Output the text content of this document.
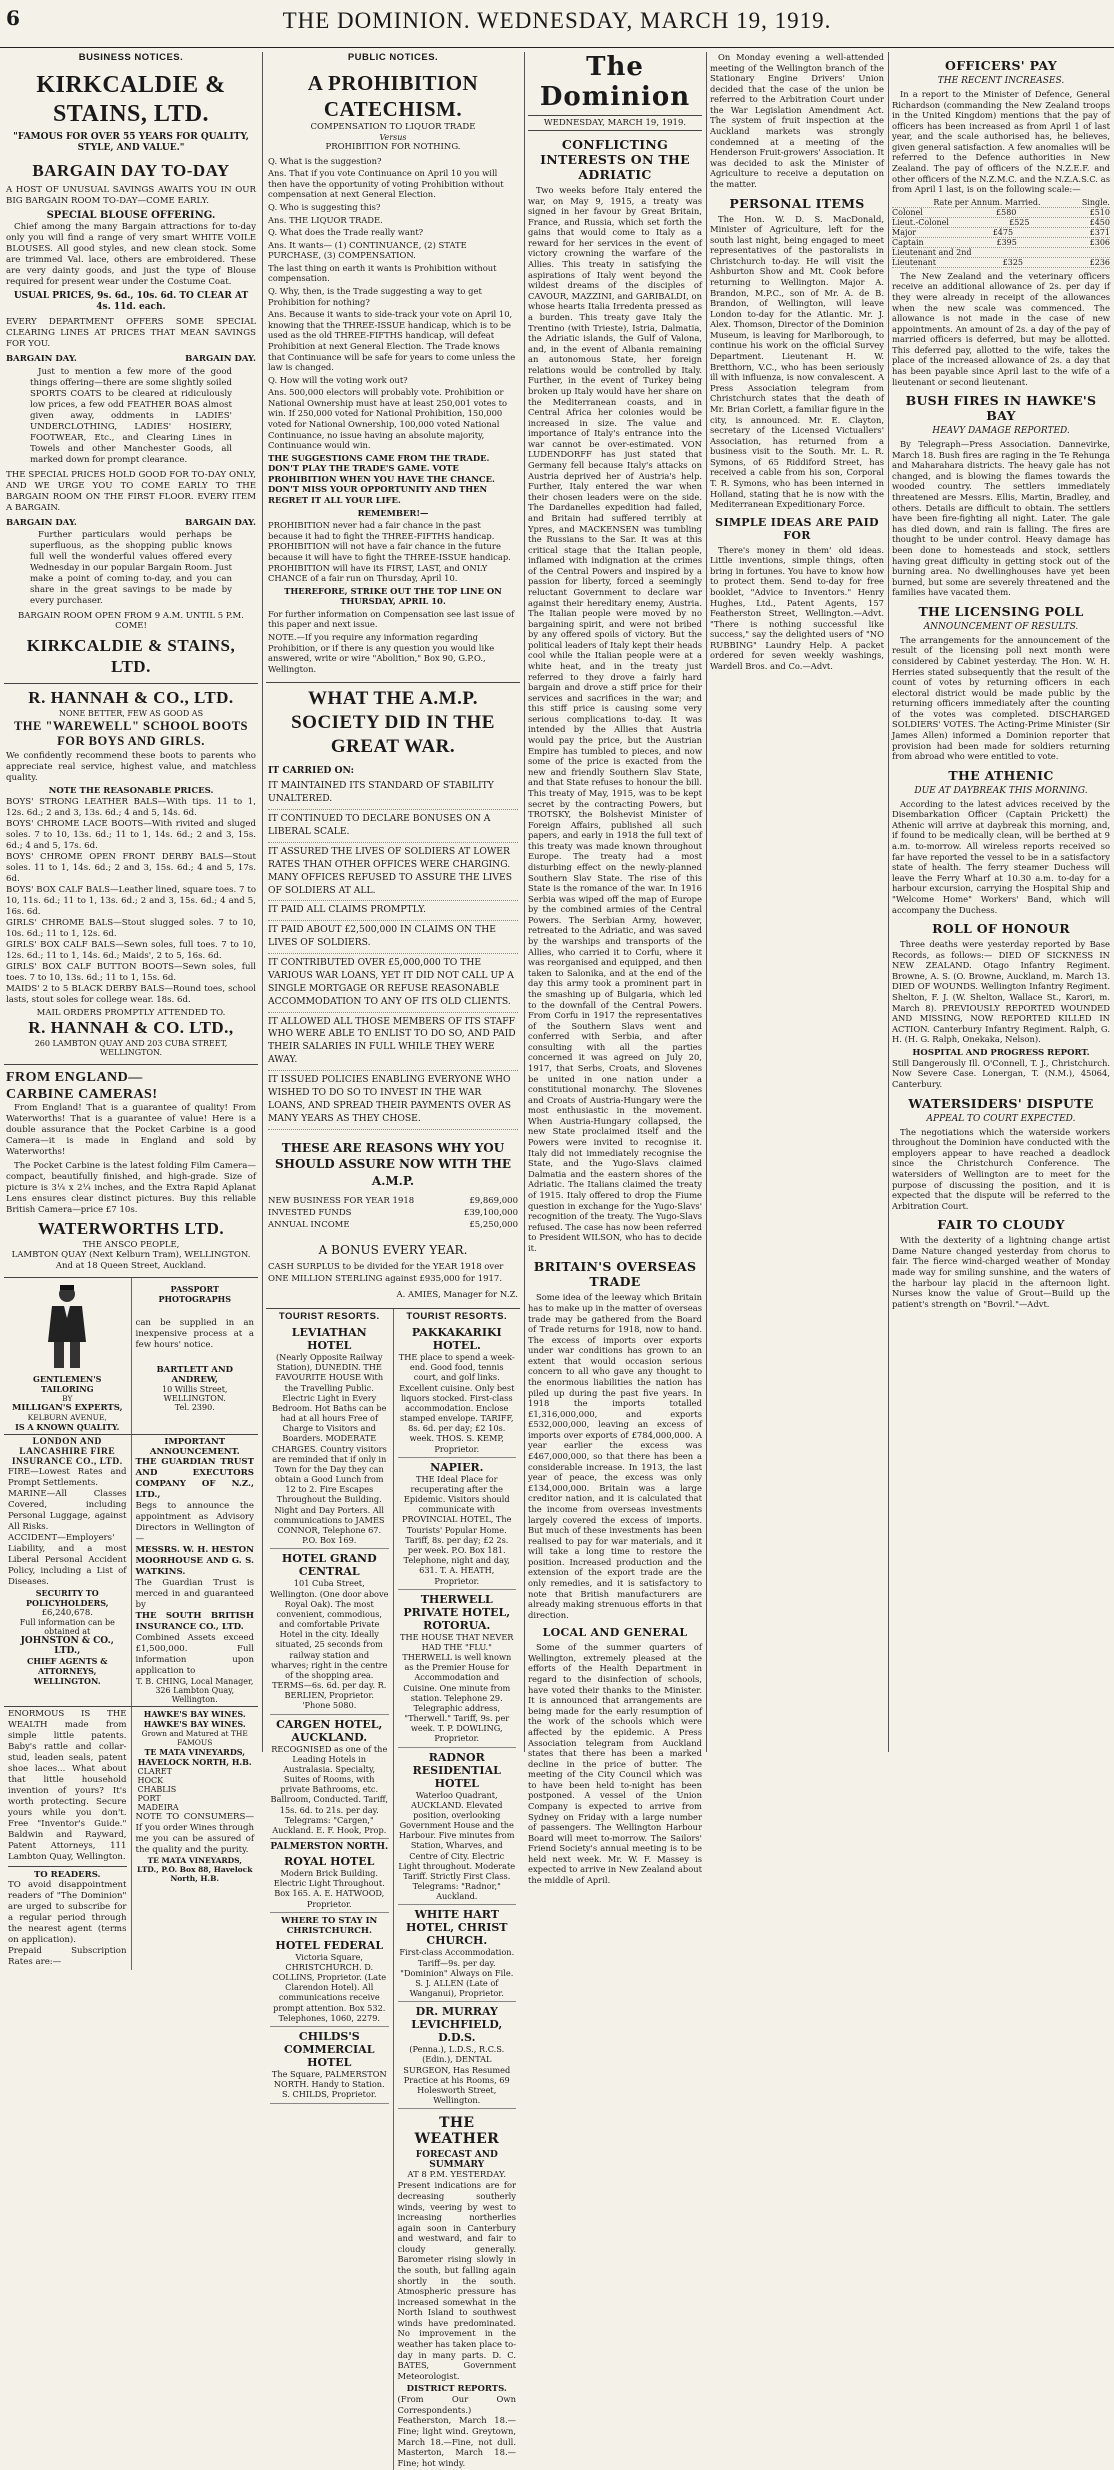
6	THE DOMINION. WEDNESDAY, MARCH 19, 1919.
BUSINESS NOTICES.
KIRKCALDIE & STAINS, LTD.
"FAMOUS FOR OVER 55 YEARS FOR QUALITY, STYLE, AND VALUE."
BARGAIN DAY TO-DAY
A HOST OF UNUSUAL SAVINGS AWAITS YOU IN OUR BIG BARGAIN ROOM TO-DAY—COME EARLY.
SPECIAL BLOUSE OFFERING.

Chief among the many Bargain attractions for to-day only you will find a range of very smart WHITE VOILE BLOUSES. All good styles, and new clean stock. Some are trimmed Val. lace, others are embroidered. These are very dainty goods, and just the type of Blouse required for present wear under the Costume Coat.

USUAL PRICES, 9s. 6d., 10s. 6d. TO CLEAR AT 4s. 11d. each.
EVERY DEPARTMENT OFFERS SOME SPECIAL CLEARING LINES AT PRICES THAT MEAN SAVINGS FOR YOU.
BARGAIN DAY.	BARGAIN DAY.

Just to mention a few more of the good things offering—there are some slightly soiled SPORTS COATS to be cleared at ridiculously low prices, a few odd FEATHER BOAS almost given away, oddments in LADIES' UNDERCLOTHING, LADIES' HOSIERY, FOOTWEAR, Etc., and Clearing Lines in Towels and other Manchester Goods, all marked down for prompt clearance.

THE SPECIAL PRICES HOLD GOOD FOR TO-DAY ONLY, AND WE URGE YOU TO COME EARLY TO THE BARGAIN ROOM ON THE FIRST FLOOR. EVERY ITEM A BARGAIN.
BARGAIN DAY.	BARGAIN DAY.

Further particulars would perhaps be superfluous, as the shopping public knows full well the wonderful values offered every Wednesday in our popular Bargain Room. Just make a point of coming to-day, and you can share in the great savings to be made by every purchaser.

BARGAIN ROOM OPEN FROM 9 A.M. UNTIL 5 P.M. COME!
KIRKCALDIE & STAINS, LTD.
R. HANNAH & CO., LTD.
NONE BETTER, FEW AS GOOD AS
THE "WAREWELL" SCHOOL BOOTS FOR BOYS AND GIRLS.
We confidently recommend these boots to parents who appreciate real service, highest value, and matchless quality.
NOTE THE REASONABLE PRICES.
BOYS' STRONG LEATHER BALS—With tips. 11 to 1, 12s. 6d.; 2 and 3, 13s. 6d.; 4 and 5, 14s. 6d.
BOYS' CHROME LACE BOOTS—With rivited and sluged soles. 7 to 10, 13s. 6d.; 11 to 1, 14s. 6d.; 2 and 3, 15s. 6d.; 4 and 5, 17s. 6d.
BOYS' CHROME OPEN FRONT DERBY BALS—Stout soles. 11 to 1, 14s. 6d.; 2 and 3, 15s. 6d.; 4 and 5, 17s. 6d.
BOYS' BOX CALF BALS—Leather lined, square toes. 7 to 10, 11s. 6d.; 11 to 1, 13s. 6d.; 2 and 3, 15s. 6d.; 4 and 5, 16s. 6d.
GIRLS' CHROME BALS—Stout slugged soles. 7 to 10, 10s. 6d.; 11 to 1, 12s. 6d.
GIRLS' BOX CALF BALS—Sewn soles, full toes. 7 to 10, 12s. 6d.; 11 to 1, 14s. 6d.; Maids', 2 to 5, 16s. 6d.
GIRLS' BOX CALF BUTTON BOOTS—Sewn soles, full toes. 7 to 10, 13s. 6d.; 11 to 1, 15s. 6d.
MAIDS' 2 to 5 BLACK DERBY BALS—Round toes, school lasts, stout soles for college wear. 18s. 6d.
MAIL ORDERS PROMPTLY ATTENDED TO.
R. HANNAH & CO. LTD.,
260 LAMBTON QUAY AND 203 CUBA STREET, WELLINGTON.
FROM ENGLAND—
CARBINE CAMERAS!

From England! That is a guarantee of quality! From Waterworths! That is a guarantee of value! Here is a double assurance that the Pocket Carbine is a good Camera—it is made in England and sold by Waterworths!

The Pocket Carbine is the latest folding Film Camera—compact, beautifully finished, and high-grade. Size of picture is 3¼ x 2¼ inches, and the Extra Rapid Aplanat Lens ensures clear distinct pictures. Buy this reliable British Camera—price £7 10s.

WATERWORTHS LTD.
THE ANSCO PEOPLE,
LAMBTON QUAY (Next Kelburn Tram), WELLINGTON.
And at 18 Queen Street, Auckland.
GENTLEMEN'S TAILORING
BY
MILLIGAN'S EXPERTS,
KELBURN AVENUE,
IS A KNOWN QUALITY.
PASSPORT PHOTOGRAPHS
can be supplied in an inexpensive process at a few hours' notice.
BARTLETT AND ANDREW,
10 Willis Street, WELLINGTON.
Tel. 2390.
LONDON AND LANCASHIRE FIRE INSURANCE CO., LTD.
FIRE—Lowest Rates and Prompt Settlements.
MARINE—All Classes Covered, including Personal Luggage, against All Risks.
ACCIDENT—Employers' Liability, and a most Liberal Personal Accident Policy, including a List of Diseases.
SECURITY TO POLICYHOLDERS,
£6,240,678.
Full information can be obtained at
JOHNSTON & CO., LTD.,
CHIEF AGENTS & ATTORNEYS, WELLINGTON.
IMPORTANT ANNOUNCEMENT.
THE GUARDIAN TRUST AND EXECUTORS COMPANY OF N.Z., LTD.,
Begs to announce the appointment as Advisory Directors in Wellington of—
MESSRS. W. H. HESTON MOORHOUSE AND G. S. WATKINS.
The Guardian Trust is merced in and guaranteed by
THE SOUTH BRITISH INSURANCE CO., LTD.
Combined Assets exceed £1,500,000. Full information upon application to
T. B. CHING, Local Manager,
326 Lambton Quay, Wellington.
ENORMOUS IS THE WEALTH made from simple little patents. Baby's rattle and collar-stud, leaden seals, patent shoe laces... What about that little household invention of yours? It's worth protecting. Secure yours while you don't. Free "Inventor's Guide." Baldwin and Rayward, Patent Attorneys, 111 Lambton Quay, Wellington.
TO READERS.
TO avoid disappointment readers of "The Dominion" are urged to subscribe for a regular period through the nearest agent (terms on application).
Prepaid Subscription Rates are:—
HAWKE'S BAY WINES. HAWKE'S BAY WINES.
Grown and Matured at THE FAMOUS
TE MATA VINEYARDS, HAVELOCK NORTH, H.B.
CLARET
HOCK
CHABLIS
PORT
MADEIRA
NOTE TO CONSUMERS—If you order Wines through me you can be assured of the quality and the purity.
TE MATA VINEYARDS, LTD., P.O. Box 88, Havelock North, H.B.
PUBLIC NOTICES.
A PROHIBITION CATECHISM.
COMPENSATION TO LIQUOR TRADE
Versus
PROHIBITION FOR NOTHING.

Q. What is the suggestion?

Ans. That if you vote Continuance on April 10 you will then have the opportunity of voting Prohibition without compensation at next General Election.

Q. Who is suggesting this?

Ans. THE LIQUOR TRADE.

Q. What does the Trade really want?

Ans. It wants— (1) CONTINUANCE, (2) STATE PURCHASE, (3) COMPENSATION.

The last thing on earth it wants is Prohibition without compensation.

Q. Why, then, is the Trade suggesting a way to get Prohibition for nothing?

Ans. Because it wants to side-track your vote on April 10, knowing that the THREE-ISSUE handicap, which is to be used as the old THREE-FIFTHS handicap, will defeat Prohibition at next General Election. The Trade knows that Continuance will be safe for years to come unless the law is changed.

Q. How will the voting work out?

Ans. 500,000 electors will probably vote. Prohibition or National Ownership must have at least 250,001 votes to win. If 250,000 voted for National Prohibition, 150,000 voted for National Ownership, 100,000 voted National Continuance, no issue having an absolute majority, Continuance would win.

THE SUGGESTIONS CAME FROM THE TRADE. DON'T PLAY THE TRADE'S GAME. VOTE PROHIBITION WHEN YOU HAVE THE CHANCE. DON'T MISS YOUR OPPORTUNITY AND THEN REGRET IT ALL YOUR LIFE.

REMEMBER!—

PROHIBITION never had a fair chance in the past because it had to fight the THREE-FIFTHS handicap. PROHIBITION will not have a fair chance in the future because it will have to fight the THREE-ISSUE handicap. PROHIBITION will have its FIRST, LAST, and ONLY CHANCE of a fair run on Thursday, April 10.

THEREFORE, STRIKE OUT THE TOP LINE ON THURSDAY, APRIL 10.

For further information on Compensation see last issue of this paper and next issue.

NOTE.—If you require any information regarding Prohibition, or if there is any question you would like answered, write or wire "Abolition," Box 90, G.P.O., Wellington.

WHAT THE A.M.P. SOCIETY DID IN THE GREAT WAR.
IT CARRIED ON:
IT MAINTAINED ITS STANDARD OF STABILITY UNALTERED.
IT CONTINUED TO DECLARE BONUSES ON A LIBERAL SCALE.
IT ASSURED THE LIVES OF SOLDIERS AT LOWER RATES THAN OTHER OFFICES WERE CHARGING. MANY OFFICES REFUSED TO ASSURE THE LIVES OF SOLDIERS AT ALL.
IT PAID ALL CLAIMS PROMPTLY.
IT PAID ABOUT £2,500,000 IN CLAIMS ON THE LIVES OF SOLDIERS.
IT CONTRIBUTED OVER £5,000,000 TO THE VARIOUS WAR LOANS, YET IT DID NOT CALL UP A SINGLE MORTGAGE OR REFUSE REASONABLE ACCOMMODATION TO ANY OF ITS OLD CLIENTS.
IT ALLOWED ALL THOSE MEMBERS OF ITS STAFF WHO WERE ABLE TO ENLIST TO DO SO, AND PAID THEIR SALARIES IN FULL WHILE THEY WERE AWAY.
IT ISSUED POLICIES ENABLING EVERYONE WHO WISHED TO DO SO TO INVEST IN THE WAR LOANS, AND SPREAD THEIR PAYMENTS OVER AS MANY YEARS AS THEY CHOSE.
THESE ARE REASONS WHY YOU SHOULD ASSURE NOW WITH THE A.M.P.
NEW BUSINESS FOR YEAR 1918	£9,869,000
INVESTED FUNDS	£39,100,000
ANNUAL INCOME	£5,250,000
A BONUS EVERY YEAR.
CASH SURPLUS to be divided for the YEAR 1918 over ONE MILLION STERLING against £935,000 for 1917.
A. AMIES, Manager for N.Z.
TOURIST RESORTS.
LEVIATHAN HOTEL
(Nearly Opposite Railway Station), DUNEDIN. THE FAVOURITE HOUSE With the Travelling Public. Electric Light in Every Bedroom. Hot Baths can be had at all hours Free of Charge to Visitors and Boarders. MODERATE CHARGES. Country visitors are reminded that if only in Town for the Day they can obtain a Good Lunch from 12 to 2. Fire Escapes Throughout the Building. Night and Day Porters. All communications to JAMES CONNOR, Telephone 67. P.O. Box 169.
HOTEL GRAND CENTRAL
101 Cuba Street, Wellington. (One door above Royal Oak). The most convenient, commodious, and comfortable Private Hotel in the city. Ideally situated, 25 seconds from railway station and wharves; right in the centre of the shopping area. TERMS—6s. 6d. per day. R. BERLIEN, Proprietor. 'Phone 5080.
CARGEN HOTEL, AUCKLAND.
RECOGNISED as one of the Leading Hotels in Australasia. Specialty, Suites of Rooms, with private Bathrooms, etc. Ballroom, Conducted. Tariff, 15s. 6d. to 21s. per day. Telegrams: "Cargen," Auckland. E. F. Hook, Prop.
PALMERSTON NORTH.
ROYAL HOTEL
Modern Brick Building. Electric Light Throughout. Box 165. A. E. HATWOOD, Proprietor.
WHERE TO STAY IN CHRISTCHURCH.
HOTEL FEDERAL
Victoria Square, CHRISTCHURCH. D. COLLINS, Proprietor. (Late Clarendon Hotel). All communications receive prompt attention. Box 532. Telephones, 1060, 2279.
CHILDS'S COMMERCIAL HOTEL
The Square, PALMERSTON NORTH. Handy to Station. S. CHILDS, Proprietor.
TOURIST RESORTS.
PAKKAKARIKI HOTEL.
THE place to spend a week-end. Good food, tennis court, and golf links. Excellent cuisine. Only best liquors stocked. First-class accommodation. Enclose stamped envelope. TARIFF, 8s. 6d. per day; £2 10s. week. THOS. S. KEMP, Proprietor.
NAPIER.
THE Ideal Place for recuperating after the Epidemic. Visitors should communicate with PROVINCIAL HOTEL, The Tourists' Popular Home. Tariff, 8s. per day; £2 2s. per week. P.O. Box 181. Telephone, night and day, 631. T. A. HEATH, Proprietor.
THERWELL PRIVATE HOTEL, ROTORUA.
THE HOUSE THAT NEVER HAD THE "FLU." THERWELL is well known as the Premier House for Accommodation and Cuisine. One minute from station. Telephone 29. Telegraphic address, "Therwell." Tariff, 9s. per week. T. P. DOWLING, Proprietor.
RADNOR RESIDENTIAL HOTEL
Waterloo Quadrant, AUCKLAND. Elevated position, overlooking Government House and the Harbour. Five minutes from Station, Wharves, and Centre of City. Electric Light throughout. Moderate Tariff. Strictly First Class. Telegrams: "Radnor," Auckland.
WHITE HART HOTEL, CHRIST CHURCH.
First-class Accommodation. Tariff—9s. per day. "Dominion" Always on File. S. J. ALLEN (Late of Wanganui), Proprietor.
DR. MURRAY LEVICHFIELD, D.D.S.
(Penna.), L.D.S., R.C.S. (Edin.), DENTAL SURGEON, Has Resumed Practice at his Rooms, 69 Holesworth Street, Wellington.
THE WEATHER
FORECAST AND SUMMARY
AT 8 P.M. YESTERDAY.
Present indications are for decreasing southerly winds, veering by west to increasing northerlies again soon in Canterbury and westward, and fair to cloudy generally. Barometer rising slowly in the south, but falling again shortly in the south. Atmospheric pressure has increased somewhat in the North Island to southwest winds have predominated. No improvement in the weather has taken place to-day in many parts. D. C. BATES, Government Meteorologist.
DISTRICT REPORTS.
(From Our Own Correspondents.) Featherston, March 18.—Fine; light wind. Greytown, March 18.—Fine, not dull. Masterton, March 18.—Fine; hot windy.
The Dominion
WEDNESDAY, MARCH 19, 1919.
CONFLICTING INTERESTS ON THE ADRIATIC
Two weeks before Italy entered the war, on May 9, 1915, a treaty was signed in her favour by Great Britain, France, and Russia, which set forth the gains that would come to Italy as a reward for her services in the event of victory crowning the warfare of the Allies. This treaty in satisfying the aspirations of Italy went beyond the wildest dreams of the disciples of CAVOUR, MAZZINI, and GARIBALDI, on whose hearts Italia Irredenta pressed as a burden. This treaty gave Italy the Trentino (with Trieste), Istria, Dalmatia, the Adriatic islands, the Gulf of Valona, and, in the event of Albania remaining an autonomous State, her foreign relations would be controlled by Italy. Further, in the event of Turkey being broken up Italy would have her share on the Mediterranean coasts, and in Central Africa her colonies would be increased in size. The value and importance of Italy's entrance into the war cannot be over-estimated. VON LUDENDORFF has just stated that Germany fell because Italy's attacks on Austria deprived her of Austria's help. Further, Italy entered the war when their chosen leaders were on the side. The Dardanelles expedition had failed, and Britain had suffered terribly at Ypres, and MACKENSEN was tumbling the Russians to the Sar. It was at this critical stage that the Italian people, inflamed with indignation at the crimes of the Central Powers and inspired by a passion for liberty, forced a seemingly reluctant Government to declare war against their hereditary enemy, Austria. The Italian people were moved by no bargaining spirit, and were not bribed by any offered spoils of victory. But the political leaders of Italy kept their heads cool while the Italian people were at a white heat, and in the treaty just referred to they drove a fairly hard bargain and drove a stiff price for their services and sacrifices in the war; and this stiff price is causing some very serious complications to-day. It was intended by the Allies that Austria would pay the price, but the Austrian Empire has tumbled to pieces, and now some of the price is exacted from the new and friendly Southern Slav State, and that State refuses to honour the bill. This treaty of May, 1915, was to be kept secret by the contracting Powers, but TROTSKY, the Bolshevist Minister of Foreign Affairs, published all such papers, and early in 1918 the full text of this treaty was made known throughout Europe. The treaty had a most disturbing effect on the newly-planned Southern Slav State. The rise of this State is the romance of the war. In 1916 Serbia was wiped off the map of Europe by the combined armies of the Central Powers. The Serbian Army, however, retreated to the Adriatic, and was saved by the warships and transports of the Allies, who carried it to Corfu, where it was reorganised and equipped, and then taken to Salonika, and at the end of the day this army took a prominent part in the smashing up of Bulgaria, which led to the downfall of the Central Powers. From Corfu in 1917 the representatives of the Southern Slavs went and conferred with Serbia, and after consulting with all the parties concerned it was agreed on July 20, 1917, that Serbs, Croats, and Slovenes be united in one nation under a constitutional monarchy. The Slovenes and Croats of Austria-Hungary were the most enthusiastic in the movement. When Austria-Hungary collapsed, the new State proclaimed itself and the Powers were invited to recognise it. Italy did not immediately recognise the State, and the Yugo-Slavs claimed Dalmatia and the eastern shores of the Adriatic. The Italians claimed the treaty of 1915. Italy offered to drop the Fiume question in exchange for the Yugo-Slavs' recognition of the treaty. The Yugo-Slavs refused. The case has now been referred to President WILSON, who has to decide it.
BRITAIN'S OVERSEAS TRADE
Some idea of the leeway which Britain has to make up in the matter of overseas trade may be gathered from the Board of Trade returns for 1918, now to hand. The excess of imports over exports under war conditions has grown to an extent that would occasion serious concern to all who gave any thought to the enormous liabilities the nation has piled up during the past five years. In 1918 the imports totalled £1,316,000,000, and exports £532,000,000, leaving an excess of imports over exports of £784,000,000. A year earlier the excess was £467,000,000, so that there has been a considerable increase. In 1913, the last year of peace, the excess was only £134,000,000. Britain was a large creditor nation, and it is calculated that the income from overseas investments largely covered the excess of imports. But much of these investments has been realised to pay for war materials, and it will take a long time to restore the position. Increased production and the extension of the export trade are the only remedies, and it is satisfactory to note that British manufacturers are already making strenuous efforts in that direction.
LOCAL AND GENERAL
Some of the summer quarters of Wellington, extremely pleased at the efforts of the Health Department in regard to the disinfection of schools, have voted their thanks to the Minister. It is announced that arrangements are being made for the early resumption of the work of the schools which were affected by the epidemic. A Press Association telegram from Auckland states that there has been a marked decline in the price of butter. The meeting of the City Council which was to have been held to-night has been postponed. A vessel of the Union Company is expected to arrive from Sydney on Friday with a large number of passengers. The Wellington Harbour Board will meet to-morrow. The Sailors' Friend Society's annual meeting is to be held next week. Mr. W. F. Massey is expected to arrive in New Zealand about the middle of April.
On Monday evening a well-attended meeting of the Wellington branch of the Stationary Engine Drivers' Union decided that the case of the union be referred to the Arbitration Court under the War Legislation Amendment Act. The system of fruit inspection at the Auckland markets was strongly condemned at a meeting of the Henderson Fruit-growers' Association. It was decided to ask the Minister of Agriculture to receive a deputation on the matter.
PERSONAL ITEMS
The Hon. W. D. S. MacDonald, Minister of Agriculture, left for the south last night, being engaged to meet representatives of the pastoralists in Christchurch to-day. He will visit the Ashburton Show and Mt. Cook before returning to Wellington. Major A. Brandon, M.P.C., son of Mr. A. de B. Brandon, of Wellington, will leave London to-day for the Atlantic. Mr. J. Alex. Thomson, Director of the Dominion Museum, is leaving for Marlborough, to continue his work on the official Survey Department. Lieutenant H. W. Bretthorn, V.C., who has been seriously ill with influenza, is now convalescent. A Press Association telegram from Christchurch states that the death of Mr. Brian Corlett, a familiar figure in the city, is announced. Mr. E. Clayton, secretary of the Licensed Victuallers' Association, has returned from a business visit to the South. Mr. L. R. Symons, of 65 Riddiford Street, has received a cable from his son, Corporal T. R. Symons, who has been interned in Holland, stating that he is now with the Mediterranean Expeditionary Force.
SIMPLE IDEAS ARE PAID FOR
There's money in them' old ideas. Little inventions, simple things, often bring in fortunes. You have to know how to protect them. Send to-day for free booklet, "Advice to Inventors." Henry Hughes, Ltd., Patent Agents, 157 Featherston Street, Wellington.—Advt. "There is nothing successful like success," say the delighted users of "NO RUBBING" Laundry Help. A packet ordered for seven weekly washings, Wardell Bros. and Co.—Advt.
OFFICERS' PAY
THE RECENT INCREASES.
In a report to the Minister of Defence, General Richardson (commanding the New Zealand troops in the United Kingdom) mentions that the pay of officers has been increased as from April 1 of last year, and the scale authorised has, he believes, given general satisfaction. A few anomalies will be referred to the Defence authorities in New Zealand. The pay of officers of the N.Z.E.F. and other officers of the N.Z.M.C. and the N.Z.A.S.C. as from April 1 last, is on the following scale:—
Rate per Annum. Married.	Single.
Colonel	£580	£510
Lieut.-Colonel	£525	£450
Major	£475	£371
Captain	£395	£306
Lieutenant and 2nd
Lieutenant	£325	£236
The New Zealand and the veterinary officers receive an additional allowance of 2s. per day if they were already in receipt of the allowances when the new scale was commenced. The allowance is not made in the case of new appointments. An amount of 2s. a day of the pay of married officers is deferred, but may be allotted. This deferred pay, allotted to the wife, takes the place of the increased allowance of 2s. a day that has been payable since April last to the wife of a lieutenant or second lieutenant.
BUSH FIRES IN HAWKE'S BAY
HEAVY DAMAGE REPORTED.
By Telegraph—Press Association. Dannevirke, March 18. Bush fires are raging in the Te Rehunga and Maharahara districts. The heavy gale has not changed, and is blowing the flames towards the wooded country. The settlers immediately threatened are Messrs. Ellis, Martin, Bradley, and others. Details are difficult to obtain. The settlers have been fire-fighting all night. Later. The gale has died down, and rain is falling. The fires are thought to be under control. Heavy damage has been done to homesteads and stock, settlers having great difficulty in getting stock out of the burning area. No dwellinghouses have yet been burned, but some are severely threatened and the families have vacated them.
THE LICENSING POLL
ANNOUNCEMENT OF RESULTS.
The arrangements for the announcement of the result of the licensing poll next month were considered by Cabinet yesterday. The Hon. W. H. Herries stated subsequently that the result of the count of votes by returning officers in each electoral district would be made public by the returning officers immediately after the counting of the votes was completed. DISCHARGED SOLDIERS' VOTES. The Acting-Prime Minister (Sir James Allen) informed a Dominion reporter that provision had been made for soldiers returning from abroad who were entitled to vote.
THE ATHENIC
DUE AT DAYBREAK THIS MORNING.
According to the latest advices received by the Disembarkation Officer (Captain Prickett) the Athenic will arrive at daybreak this morning, and, if found to be medically clean, will be berthed at 9 a.m. to-morrow. All wireless reports received so far have reported the vessel to be in a satisfactory state of health. The ferry steamer Duchess will leave the Ferry Wharf at 10.30 a.m. to-day for a harbour excursion, carrying the Hospital Ship and "Welcome Home" Workers' Band, which will accompany the Duchess.
ROLL OF HONOUR
Three deaths were yesterday reported by Base Records, as follows:— DIED OF SICKNESS IN NEW ZEALAND. Otago Infantry Regiment. Browne, A. S. (O. Browne, Auckland, m. March 13. DIED OF WOUNDS. Wellington Infantry Regiment. Shelton, F. J. (W. Shelton, Wallace St., Karori, m. March 8). PREVIOUSLY REPORTED WOUNDED AND MISSING, NOW REPORTED KILLED IN ACTION. Canterbury Infantry Regiment. Ralph, G. H. (H. G. Ralph, Onekaka, Nelson).
HOSPITAL AND PROGRESS REPORT.
Still Dangerously Ill. O'Connell, T. J., Christchurch. Now Severe Case. Lonergan, T. (N.M.), 45064, Canterbury.
WATERSIDERS' DISPUTE
APPEAL TO COURT EXPECTED.
The negotiations which the waterside workers throughout the Dominion have conducted with the employers appear to have reached a deadlock since the Christchurch Conference. The watersiders of Wellington are to meet for the purpose of discussing the position, and it is expected that the dispute will be referred to the Arbitration Court.
FAIR TO CLOUDY
With the dexterity of a lightning change artist Dame Nature changed yesterday from chorus to fair. The fierce wind-charged weather of Monday made way for smiling sunshine, and the waters of the harbour lay placid in the afternoon light. Nurses know the value of Grout—Build up the patient's strength on "Bovril."—Advt.
